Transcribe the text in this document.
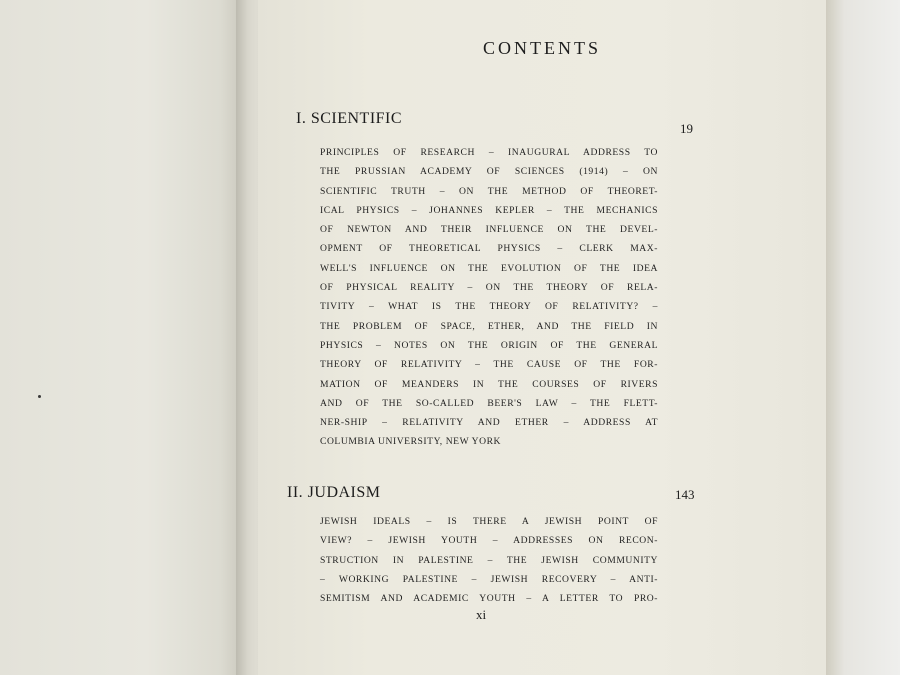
CONTENTS
I. SCIENTIFIC
19
PRINCIPLES OF RESEARCH – INAUGURAL ADDRESS TO
THE PRUSSIAN ACADEMY OF SCIENCES (1914) – ON
SCIENTIFIC TRUTH – ON THE METHOD OF THEORET-
ICAL PHYSICS – JOHANNES KEPLER – THE MECHANICS
OF NEWTON AND THEIR INFLUENCE ON THE DEVEL-
OPMENT OF THEORETICAL PHYSICS – CLERK MAX-
WELL'S INFLUENCE ON THE EVOLUTION OF THE IDEA
OF PHYSICAL REALITY – ON THE THEORY OF RELA-
TIVITY – WHAT IS THE THEORY OF RELATIVITY? –
THE PROBLEM OF SPACE, ETHER, AND THE FIELD IN
PHYSICS – NOTES ON THE ORIGIN OF THE GENERAL
THEORY OF RELATIVITY – THE CAUSE OF THE FOR-
MATION OF MEANDERS IN THE COURSES OF RIVERS
AND OF THE SO-CALLED BEER'S LAW – THE FLETT-
NER-SHIP – RELATIVITY AND ETHER – ADDRESS AT
COLUMBIA UNIVERSITY, NEW YORK
II. JUDAISM	143
JEWISH IDEALS – IS THERE A JEWISH POINT OF
VIEW? – JEWISH YOUTH – ADDRESSES ON RECON-
STRUCTION IN PALESTINE – THE JEWISH COMMUNITY
– WORKING PALESTINE – JEWISH RECOVERY – ANTI-
SEMITISM AND ACADEMIC YOUTH – A LETTER TO PRO-
xi
